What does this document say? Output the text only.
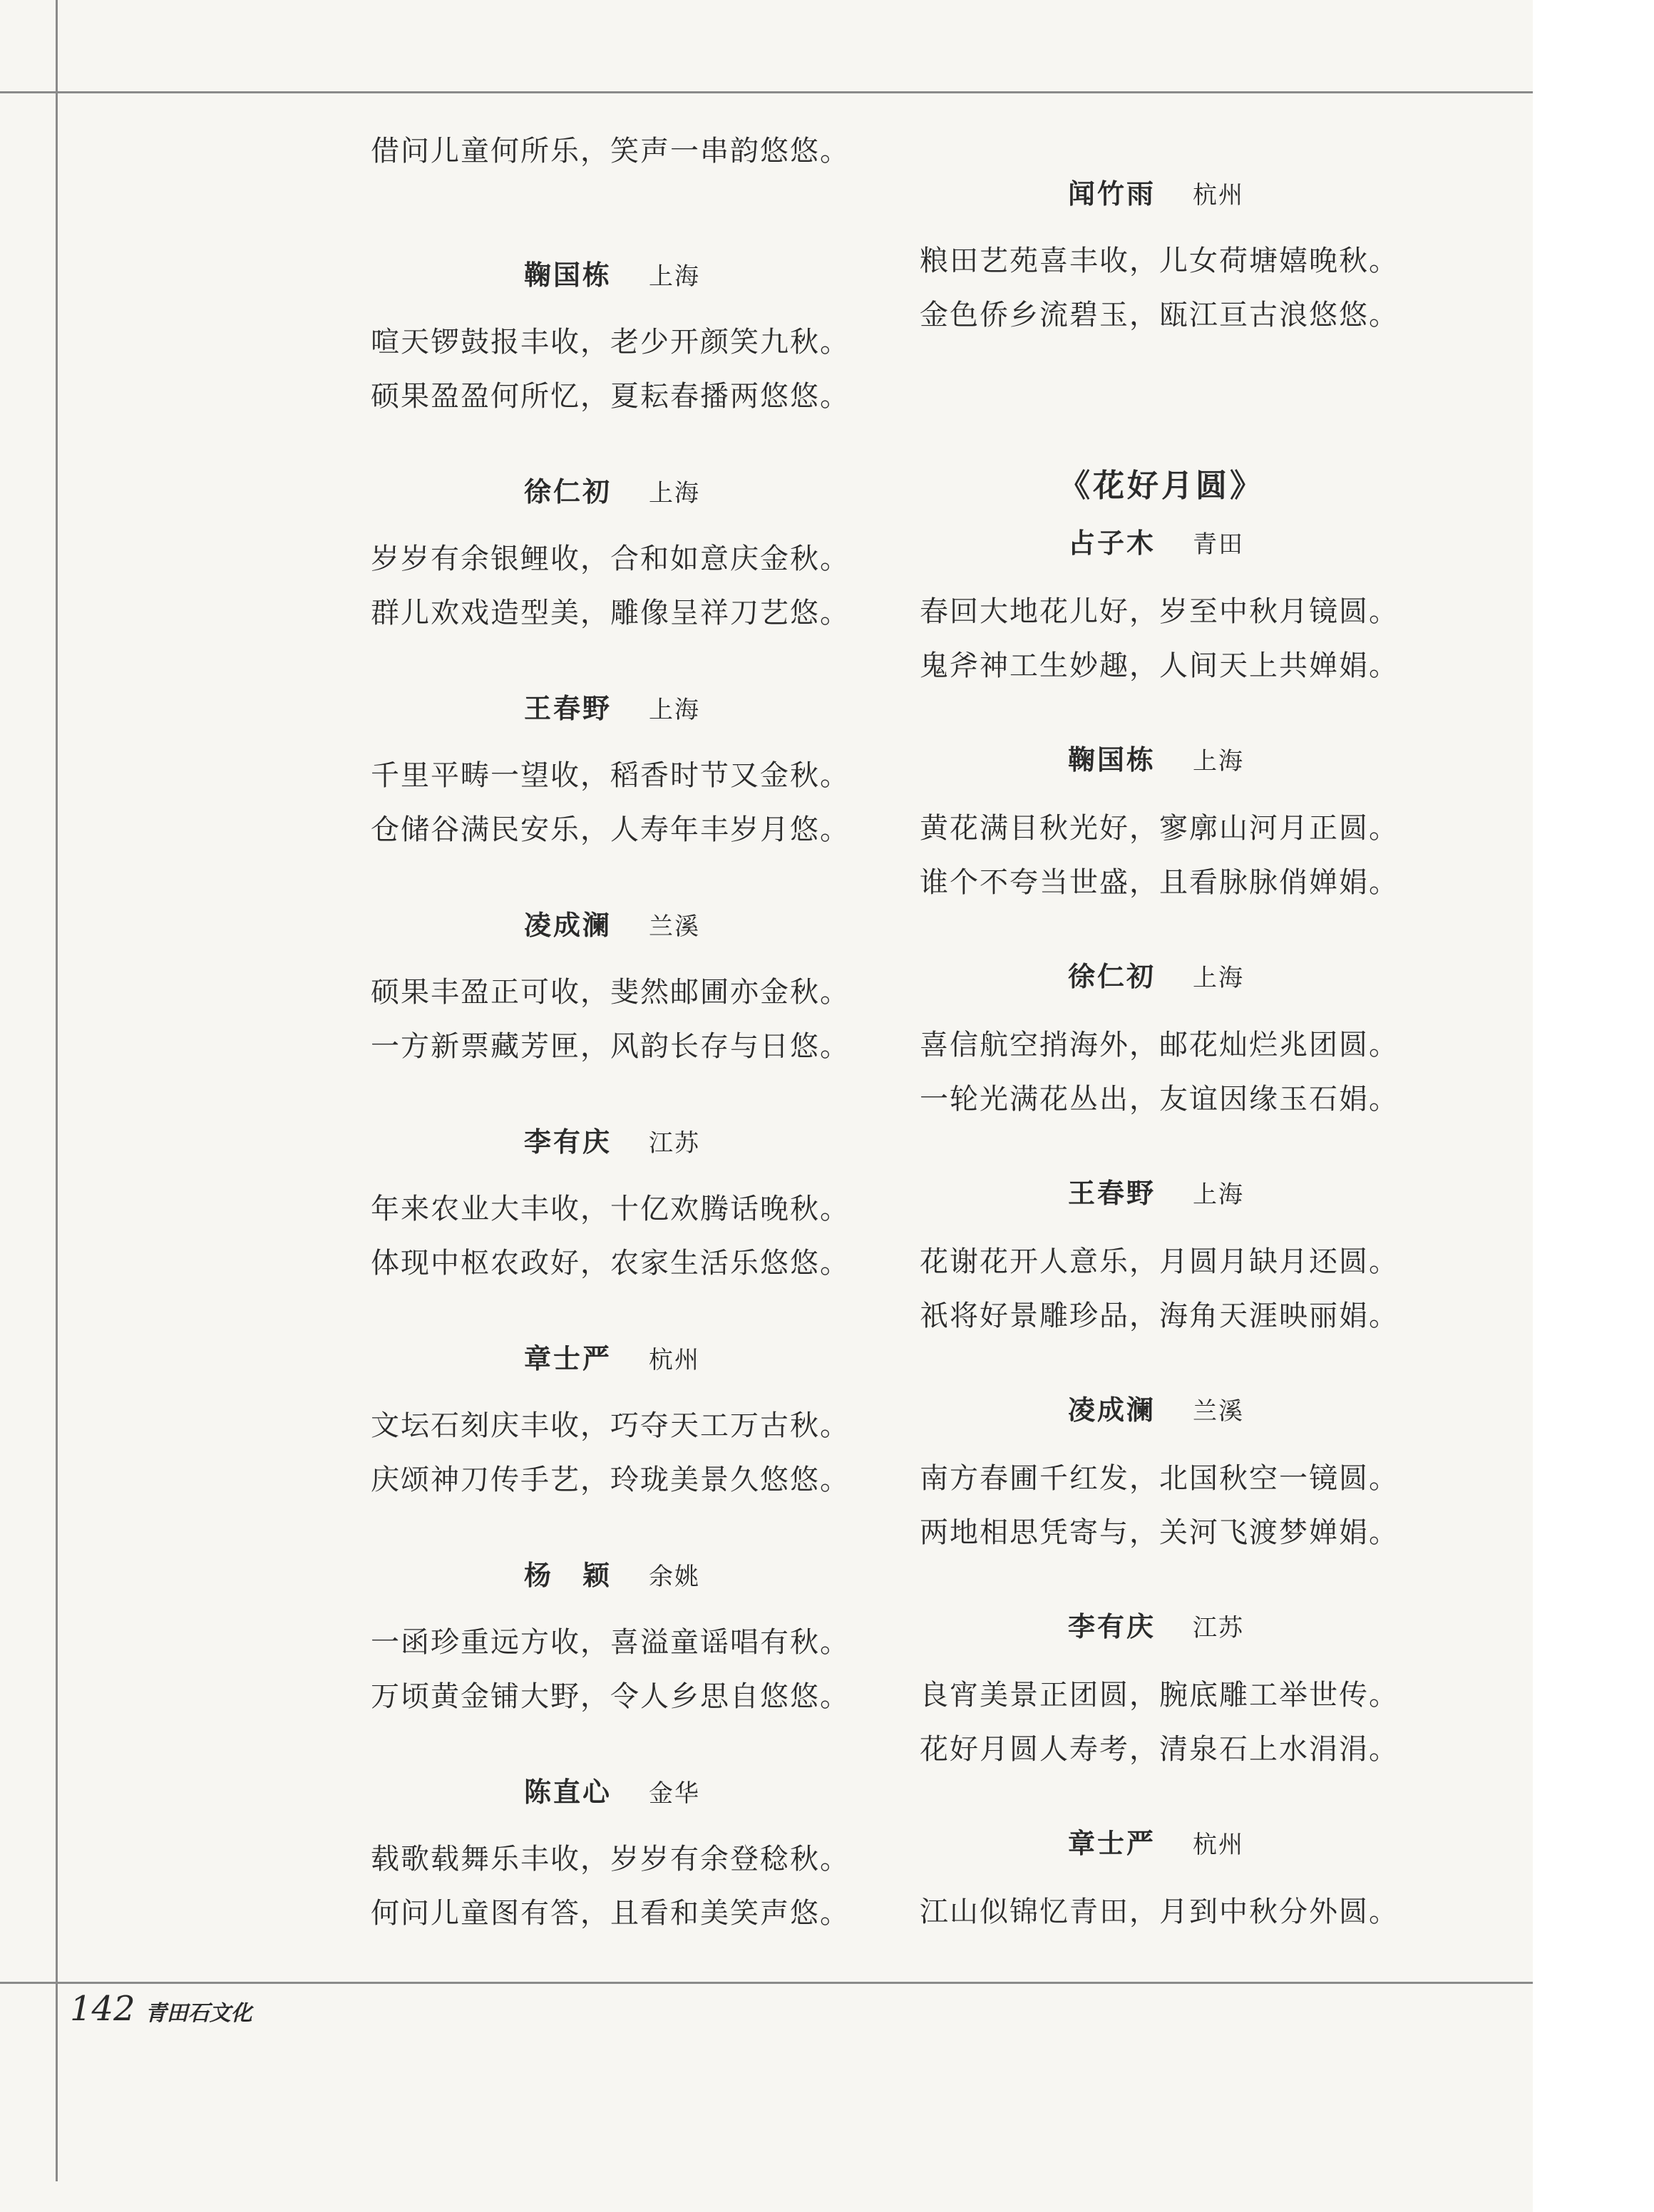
借问儿童何所乐，笑声一串韵悠悠。
鞠国栋 上海
喧天锣鼓报丰收，老少开颜笑九秋。
硕果盈盈何所忆，夏耘春播两悠悠。
徐仁初 上海
岁岁有余银鲤收，合和如意庆金秋。
群儿欢戏造型美，雕像呈祥刀艺悠。
王春野 上海
千里平畴一望收，稻香时节又金秋。
仓储谷满民安乐，人寿年丰岁月悠。
凌成澜 兰溪
硕果丰盈正可收，斐然邮圃亦金秋。
一方新票藏芳匣，风韵长存与日悠。
李有庆 江苏
年来农业大丰收，十亿欢腾话晚秋。
体现中枢农政好，农家生活乐悠悠。
章士严 杭州
文坛石刻庆丰收，巧夺天工万古秋。
庆颂神刀传手艺，玲珑美景久悠悠。
杨　颖 余姚
一函珍重远方收，喜溢童谣唱有秋。
万顷黄金铺大野，令人乡思自悠悠。
陈直心 金华
载歌载舞乐丰收，岁岁有余登稔秋。
何问儿童图有答，且看和美笑声悠。
闻竹雨 杭州
粮田艺苑喜丰收，儿女荷塘嬉晚秋。
金色侨乡流碧玉，瓯江亘古浪悠悠。
《花好月圆》
占子木 青田
春回大地花儿好，岁至中秋月镜圆。
鬼斧神工生妙趣，人间天上共婵娟。
鞠国栋 上海
黄花满目秋光好，寥廓山河月正圆。
谁个不夸当世盛，且看脉脉俏婵娟。
徐仁初 上海
喜信航空捎海外，邮花灿烂兆团圆。
一轮光满花丛出，友谊因缘玉石娟。
王春野 上海
花谢花开人意乐，月圆月缺月还圆。
祇将好景雕珍品，海角天涯映丽娟。
凌成澜 兰溪
南方春圃千红发，北国秋空一镜圆。
两地相思凭寄与，关河飞渡梦婵娟。
李有庆 江苏
良宵美景正团圆，腕底雕工举世传。
花好月圆人寿考，清泉石上水涓涓。
章士严 杭州
江山似锦忆青田，月到中秋分外圆。
142 青田石文化
